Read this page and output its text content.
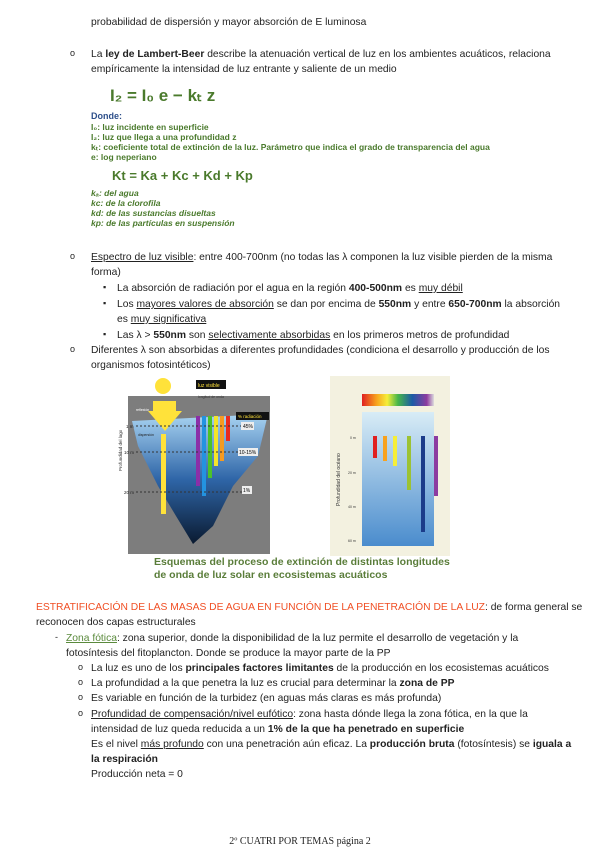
probabilidad de dispersión y mayor absorción de E luminosa
o La ley de Lambert-Beer describe la atenuación vertical de luz en los ambientes acuáticos, relaciona
empíricamente la intensidad de luz entrante y saliente de un medio
I₂ = I₀ e − kₜ z
Donde:
I₀: luz incidente en superficie
I₂: luz que llega a una profundidad z
kₜ: coeficiente total de extinción de la luz. Parámetro que indica el grado de transparencia del agua
e: log neperiano
Kt = Ka + Kc + Kd + Kp
kₐ: del agua
kc: de la clorofila
kd: de las sustancias disueltas
kp: de las partículas en suspensión
o Espectro de luz visible: entre 400-700nm (no todas las λ componen la luz visible pierden de la misma
forma)
▪ La absorción de radiación por el agua en la región 400-500nm es muy débil
▪ Los mayores valores de absorción se dan por encima de 550nm y entre 650-700nm la absorción
es muy significativa
▪ Las λ > 550nm son selectivamente absorbidas en los primeros metros de profundidad
o Diferentes λ son absorbidas a diferentes profundidades (condiciona el desarrollo y producción de los
organismos fotosintéticos)
luz visible
longitud de onda
% radiación
reflexión
dispersión
Profundidad del lago
1 m
10 m
20 m
45%
10-15%
1%	Profundidad del océano
0 m
20 m
40 m
60 m
Esquemas del proceso de extinción de distintas longitudes
de onda de luz solar en ecosistemas acuáticos
ESTRATIFICACIÓN DE LAS MASAS DE AGUA EN FUNCIÓN DE LA PENETRACIÓN DE LA LUZ: de forma general se
reconocen dos capas estructurales
- Zona fótica: zona superior, donde la disponibilidad de la luz permite el desarrollo de vegetación y la
fotosíntesis del fitoplancton. Donde se produce la mayor parte de la PP
o La luz es uno de los principales factores limitantes de la producción en los ecosistemas acuáticos
o La profundidad a la que penetra la luz es crucial para determinar la zona de PP
o Es variable en función de la turbidez (en aguas más claras es más profunda)
o Profundidad de compensación/nivel eufótico: zona hasta dónde llega la zona fótica, en la que la
intensidad de luz queda reducida a un 1% de la que ha penetrado en superficie
Es el nivel más profundo con una penetración aún eficaz. La producción bruta (fotosíntesis) se iguala a
la respiración
Producción neta = 0
2º CUATRI POR TEMAS página 2
